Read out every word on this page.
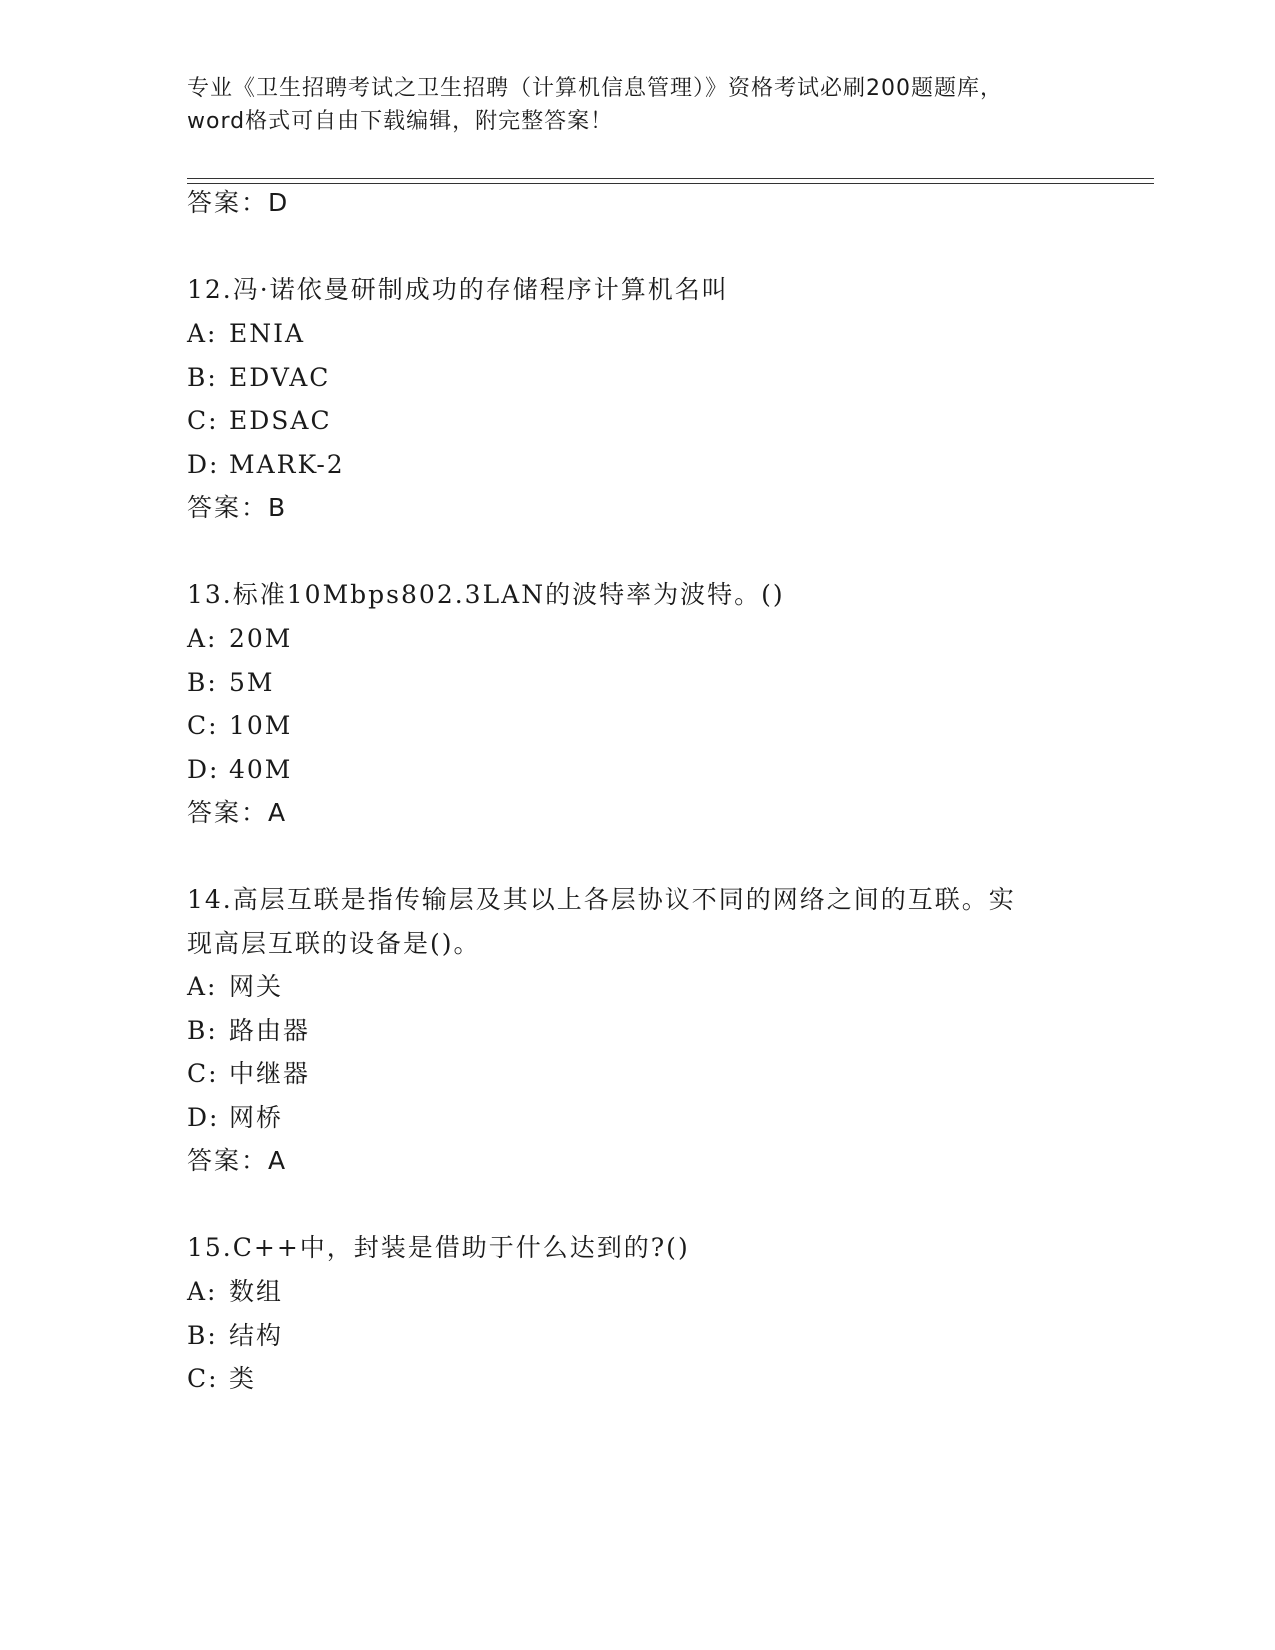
专业《卫生招聘考试之卫生招聘（计算机信息管理）》资格考试必刷200题题库，
word格式可自由下载编辑，附完整答案！
答案：D
12.冯·诺依曼研制成功的存储程序计算机名叫
A: ENIA
B: EDVAC
C: EDSAC
D: MARK-2
答案：B
13.标准10Mbps802.3LAN的波特率为波特。()
A: 20M
B: 5M
C: 10M
D: 40M
答案：A
14.高层互联是指传输层及其以上各层协议不同的网络之间的互联。实
现高层互联的设备是()。
A: 网关
B: 路由器
C: 中继器
D: 网桥
答案：A
15.C++中，封装是借助于什么达到的?()
A: 数组
B: 结构
C: 类
